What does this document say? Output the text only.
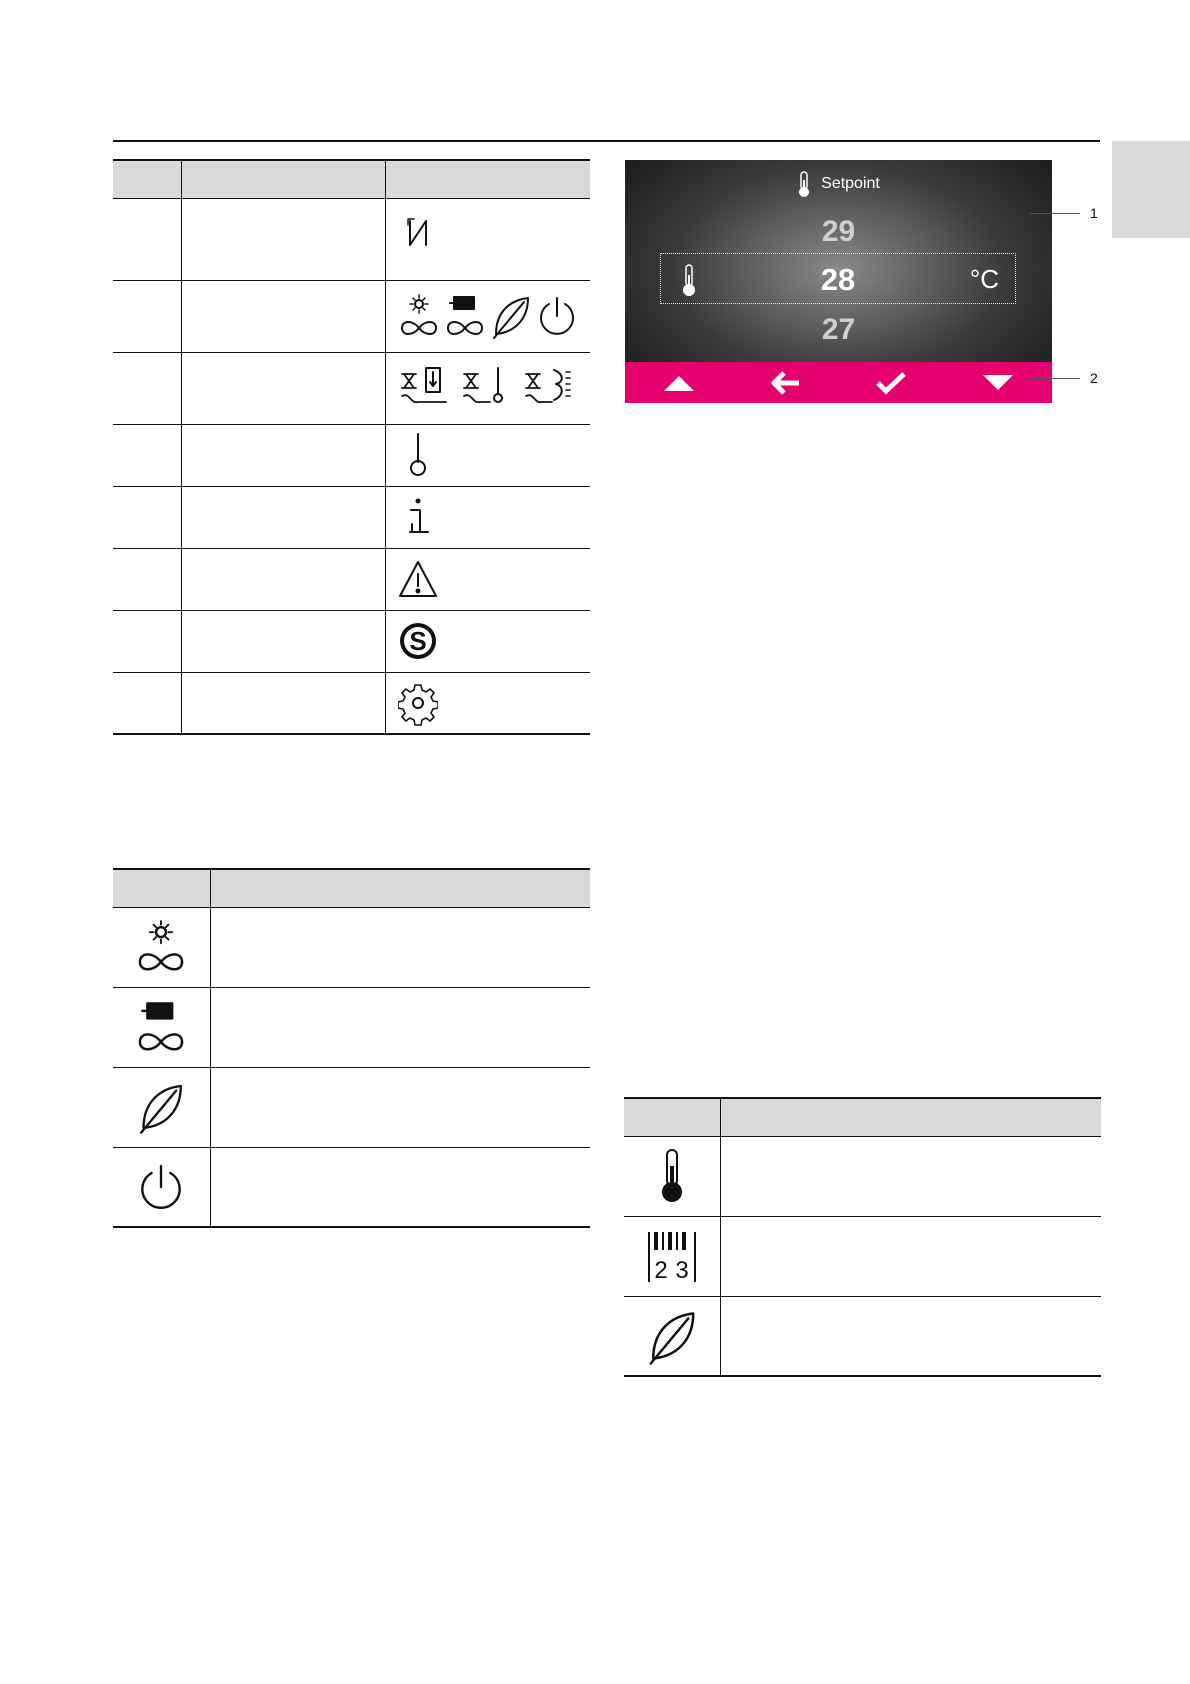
S

Setpoint
29
28	°C
27
1
2

2 3	
